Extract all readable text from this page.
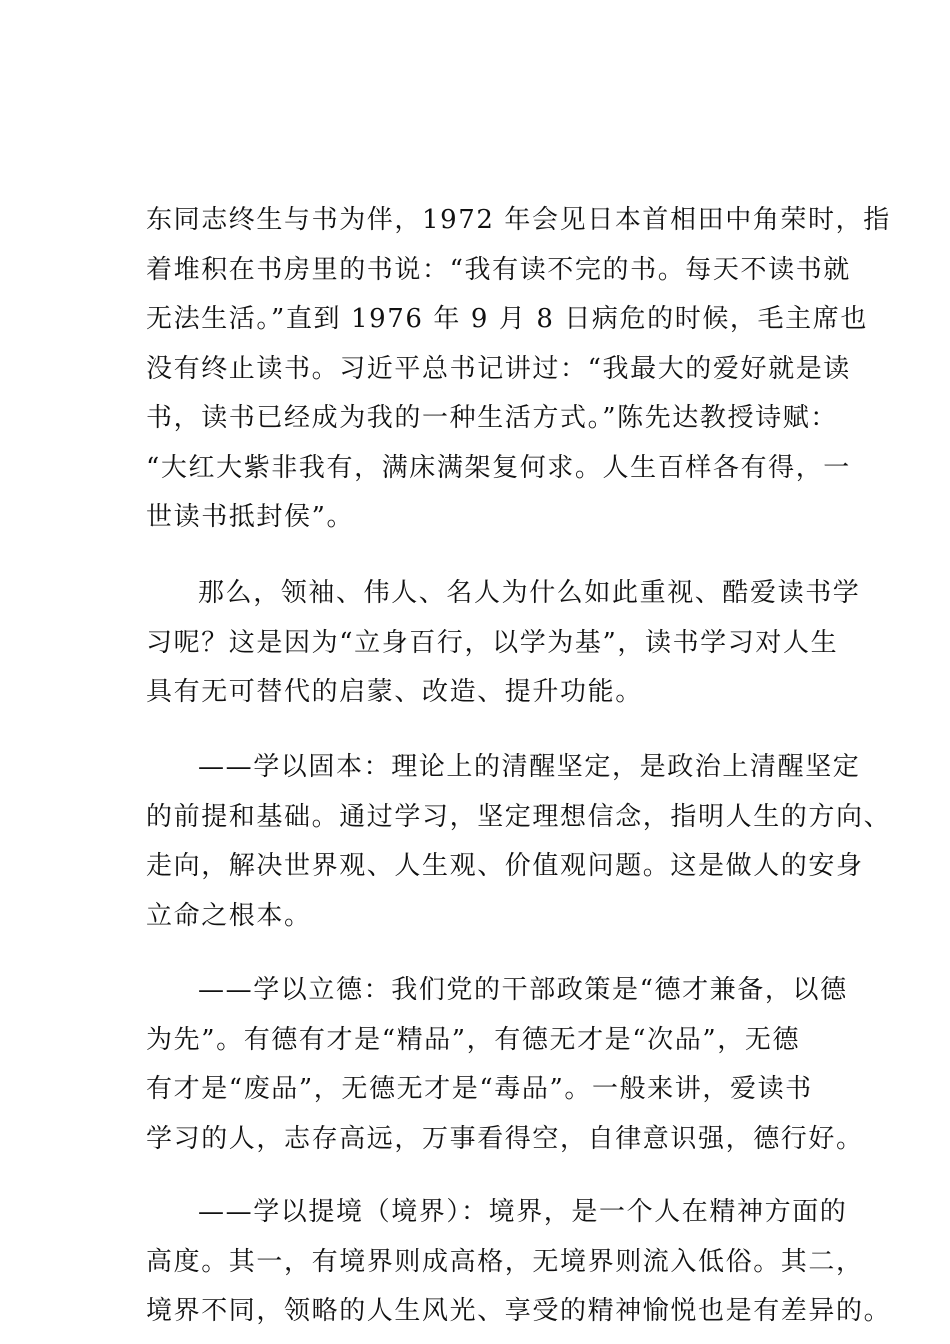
东同志终生与书为伴，1972 年会见日本首相田中角荣时，指
着堆积在书房里的书说：“我有读不完的书。每天不读书就
无法生活。”直到 1976 年 9 月 8 日病危的时候，毛主席也
没有终止读书。习近平总书记讲过：“我最大的爱好就是读
书，读书已经成为我的一种生活方式。”陈先达教授诗赋：
“大红大紫非我有，满床满架复何求。人生百样各有得，一
世读书抵封侯”。
那么，领袖、伟人、名人为什么如此重视、酷爱读书学
习呢？这是因为“立身百行，以学为基”，读书学习对人生
具有无可替代的启蒙、改造、提升功能。
——学以固本：理论上的清醒坚定，是政治上清醒坚定
的前提和基础。通过学习，坚定理想信念，指明人生的方向、
走向，解决世界观、人生观、价值观问题。这是做人的安身
立命之根本。
——学以立德：我们党的干部政策是“德才兼备，以德
为先”。有德有才是“精品”，有德无才是“次品”，无德
有才是“废品”，无德无才是“毒品”。一般来讲，爱读书
学习的人，志存高远，万事看得空，自律意识强，德行好。
——学以提境（境界）：境界，是一个人在精神方面的
高度。其一，有境界则成高格，无境界则流入低俗。其二，
境界不同，领略的人生风光、享受的精神愉悦也是有差异的。
